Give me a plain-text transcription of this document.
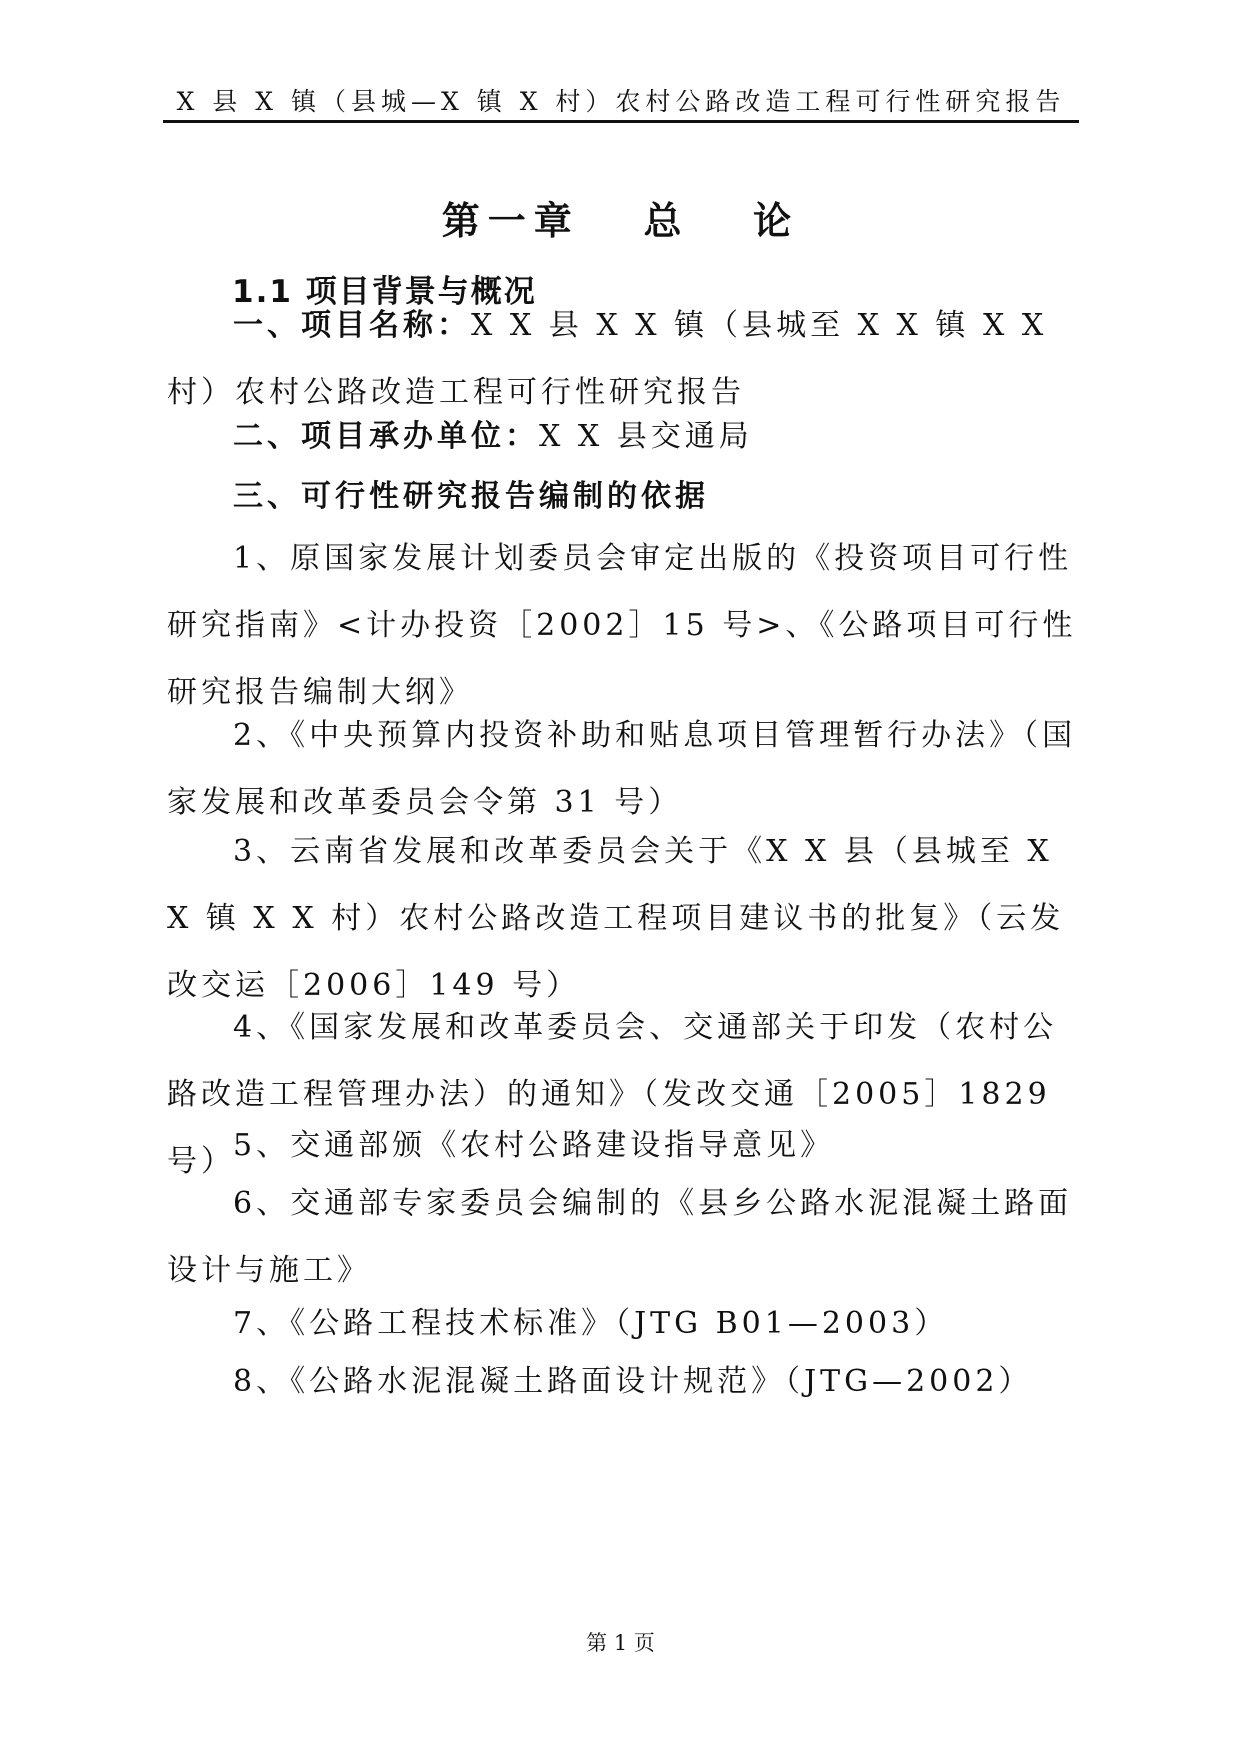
X 县 X 镇（县城—X 镇 X 村）农村公路改造工程可行性研究报告
第一章   总   论
1.1 项目背景与概况
一、项目名称：X X 县 X X 镇（县城至 X X 镇 X X 村）农村公路改造工程可行性研究报告
二、项目承办单位：X X 县交通局
三、可行性研究报告编制的依据
1、原国家发展计划委员会审定出版的《投资项目可行性研究指南》<计办投资［2002］15 号>、《公路项目可行性研究报告编制大纲》
2、《中央预算内投资补助和贴息项目管理暂行办法》（国家发展和改革委员会令第 31 号）
3、云南省发展和改革委员会关于《X X 县（县城至 X X 镇 X X 村）农村公路改造工程项目建议书的批复》（云发改交运［2006］149 号）
4、《国家发展和改革委员会、交通部关于印发（农村公路改造工程管理办法）的通知》（发改交通［2005］1829 号）
5、交通部颁《农村公路建设指导意见》
6、交通部专家委员会编制的《县乡公路水泥混凝土路面设计与施工》
7、《公路工程技术标准》（JTG B01—2003）
8、《公路水泥混凝土路面设计规范》（JTG—2002）
第 1 页
